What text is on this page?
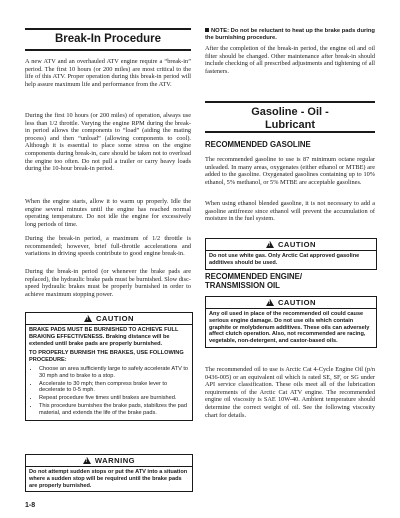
Break-In Procedure

A new ATV and an overhauled ATV engine require a “break-in” period. The first 10 hours (or 200 miles) are most critical to the life of this ATV. Proper operation during this break-in period will help assure maximum life and performance from the ATV.

During the first 10 hours (or 200 miles) of operation, always use less than 1/2 throttle. Varying the engine RPM during the break-in period allows the components to “load” (aiding the mating process) and then “unload” (allowing components to cool). Although it is essential to place some stress on the engine components during break-in, care should be taken not to overload the engine too often. Do not pull a trailer or carry heavy loads during the 10-hour break-in period.

When the engine starts, allow it to warm up properly. Idle the engine several minutes until the engine has reached normal operating temperature. Do not idle the engine for excessively long periods of time.

During the break-in period, a maximum of 1/2 throttle is recommended; however, brief full-throttle accelerations and variations in driving speeds contribute to good engine break-in.

During the break-in period (or whenever the brake pads are replaced), the hydraulic brake pads must be burnished. Slow disc-speed hydraulic brakes must be properly burnished in order to achieve maximum stopping power.

!CAUTION
BRAKE PADS MUST BE BURNISHED TO ACHIEVE FULL BRAKING EFFECTIVENESS. Braking distance will be extended until brake pads are properly burnished.
TO PROPERLY BURNISH THE BRAKES, USE FOLLOWING PROCEDURE:
• Choose an area sufficiently large to safely accelerate ATV to 30 mph and to brake to a stop.
• Accelerate to 30 mph; then compress brake lever to decelerate to 0-5 mph.
• Repeat procedure five times until brakes are burnished.
• This procedure burnishes the brake pads, stabilizes the pad material, and extends the life of the brake pads.
!WARNING
Do not attempt sudden stops or put the ATV into a situation where a sudden stop will be required until the brake pads are properly burnished.
1-8
NOTE: Do not be reluctant to heat up the brake pads during the burnishing procedure.

After the completion of the break-in period, the engine oil and oil filter should be changed. Other maintenance after break-in should include checking of all prescribed adjustments and tightening of all fasteners.

Gasoline - Oil -
Lubricant
RECOMMENDED GASOLINE

The recommended gasoline to use is 87 minimum octane regular unleaded. In many areas, oxygenates (either ethanol or MTBE) are added to the gasoline. Oxygenated gasolines containing up to 10% ethanol, 5% methanol, or 5% MTBE are acceptable gasolines.

When using ethanol blended gasoline, it is not necessary to add a gasoline antifreeze since ethanol will prevent the accumulation of moisture in the fuel system.

!CAUTION
Do not use white gas. Only Arctic Cat approved gasoline additives should be used.
RECOMMENDED ENGINE/
TRANSMISSION OIL
!CAUTION
Any oil used in place of the recommended oil could cause serious engine damage. Do not use oils which contain graphite or molybdenum additives. These oils can adversely affect clutch operation. Also, not recommended are racing, vegetable, non-detergent, and castor-based oils.

The recommended oil to use is Arctic Cat 4-Cycle Engine Oil (p/n 0436-005) or an equivalent oil which is rated SE, SF, or SG under API service classification. These oils meet all of the lubrication requirements of the Arctic Cat ATV engine. The recommended engine oil viscosity is SAE 10W-40. Ambient temperature should determine the correct weight of oil. See the following viscosity chart for details.
